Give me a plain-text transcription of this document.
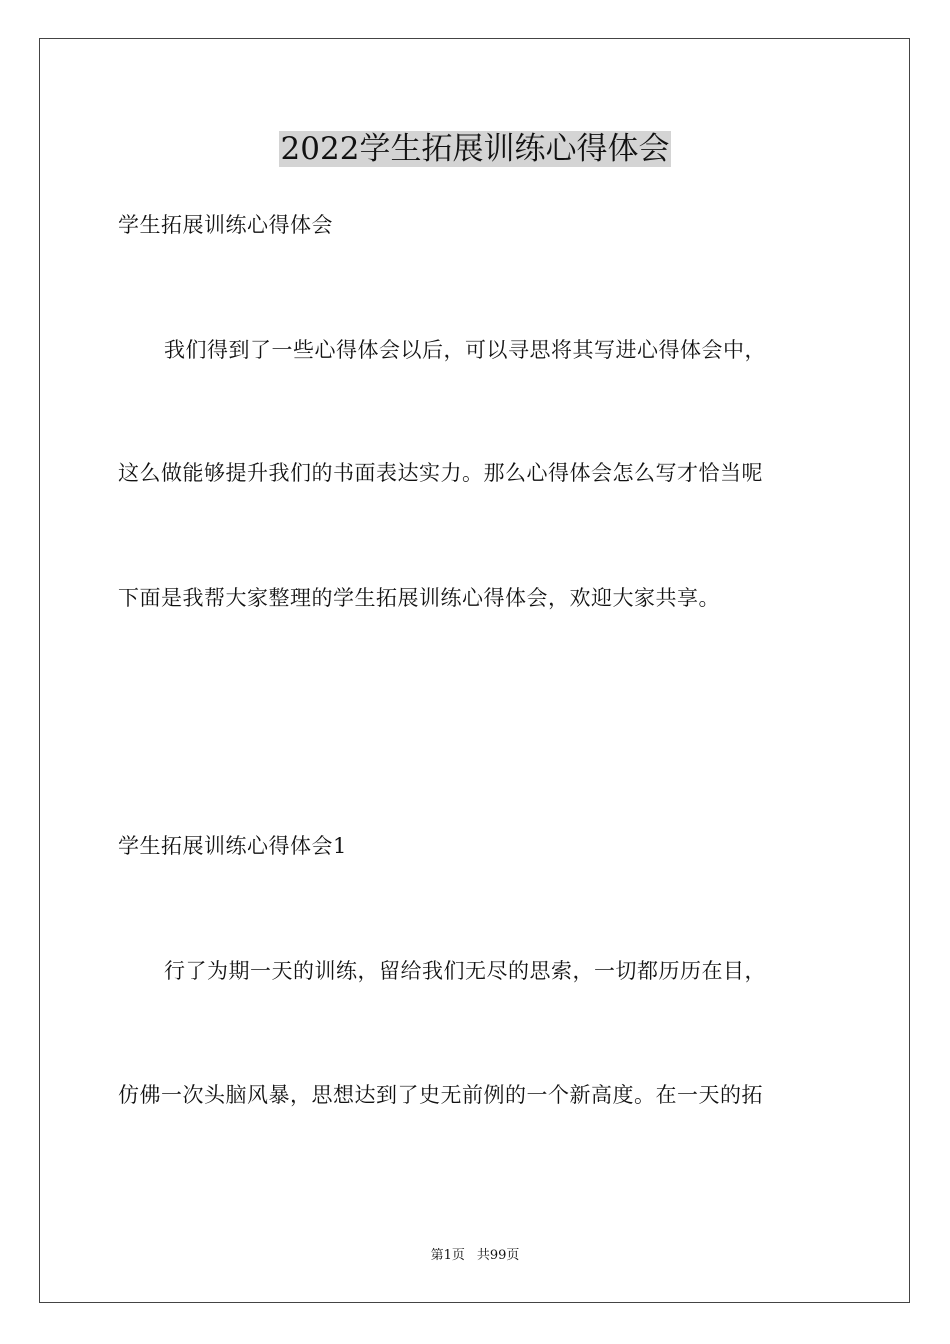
2022学生拓展训练心得体会

学生拓展训练心得体会

我们得到了一些心得体会以后，可以寻思将其写进心得体会中，

这么做能够提升我们的书面表达实力。那么心得体会怎么写才恰当呢

下面是我帮大家整理的学生拓展训练心得体会，欢迎大家共享。

学生拓展训练心得体会1

行了为期一天的训练，留给我们无尽的思索，一切都历历在目，

仿佛一次头脑风暴，思想达到了史无前例的一个新高度。在一天的拓

第1页 共99页
